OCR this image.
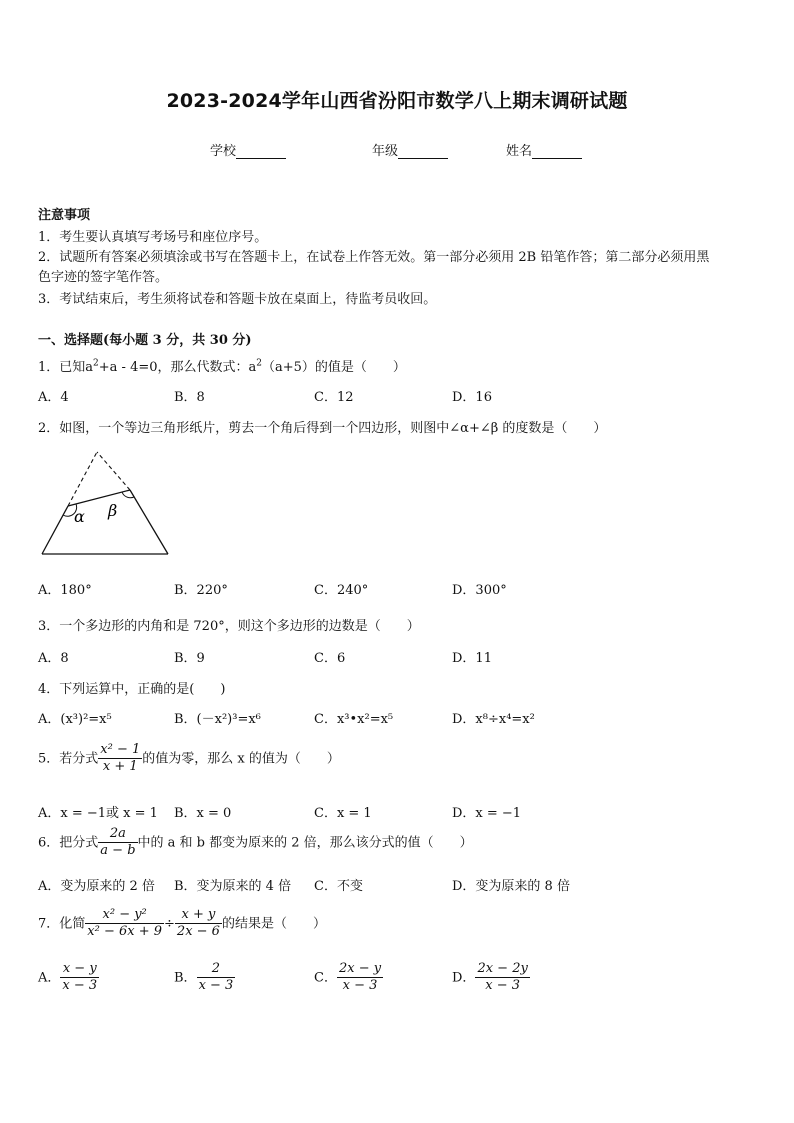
2023-2024学年山西省汾阳市数学八上期末调研试题
学校	年级	姓名
注意事项
1．考生要认真填写考场号和座位序号。
2．试题所有答案必须填涂或书写在答题卡上，在试卷上作答无效。第一部分必须用 2B 铅笔作答；第二部分必须用黑
色字迹的签字笔作答。
3．考试结束后，考生须将试卷和答题卡放在桌面上，待监考员收回。
一、选择题(每小题 3 分，共 30 分)
1．已知$a^2+a - 4=0$，那么代数式：$a^2(a+5)$的值是（　　）
A．4	B．8	C．12	D．16
2．如图，一个等边三角形纸片，剪去一个角后得到一个四边形，则图中∠α+∠β 的度数是（　　）
α β
A．180°	B．220°	C．240°	D．300°
3．一个多边形的内角和是 720°，则这个多边形的边数是（　　）
A．8	B．9	C．6	D．11
4．下列运算中，正确的是(　　)
A．(x³)²=x⁵	B．(－x²)³=x⁶	C．x³•x²=x⁵	D．x⁸÷x⁴=x²
5．若分式 $\frac{\text{x² − 1}}{x + 1}$ 的值为零，那么 x 的值为（　　）
A．x = −1或 x = 1 B．x = 0	C．x = 1	D．x = −1
6．把分式 $\frac{2a}{a - b}$ 中的 a 和 b 都变为原来的 2 倍，那么该分式的值（　　）
A．变为原来的 2 倍 B．变为原来的 4 倍 C．不变	D．变为原来的 8 倍
7．化简 $\frac{\text{x² − y²}}{\text{x² − 6x + 9}} \div \frac{x + y}{2x - 6}$ 的结果是（　　）
A． $\frac{x - y}{x - 3}$	B． $\frac{2}{x - 3}$	C． $\frac{2x - y}{x - 3}$	D． $\frac{2x - 2y}{x - 3}$
